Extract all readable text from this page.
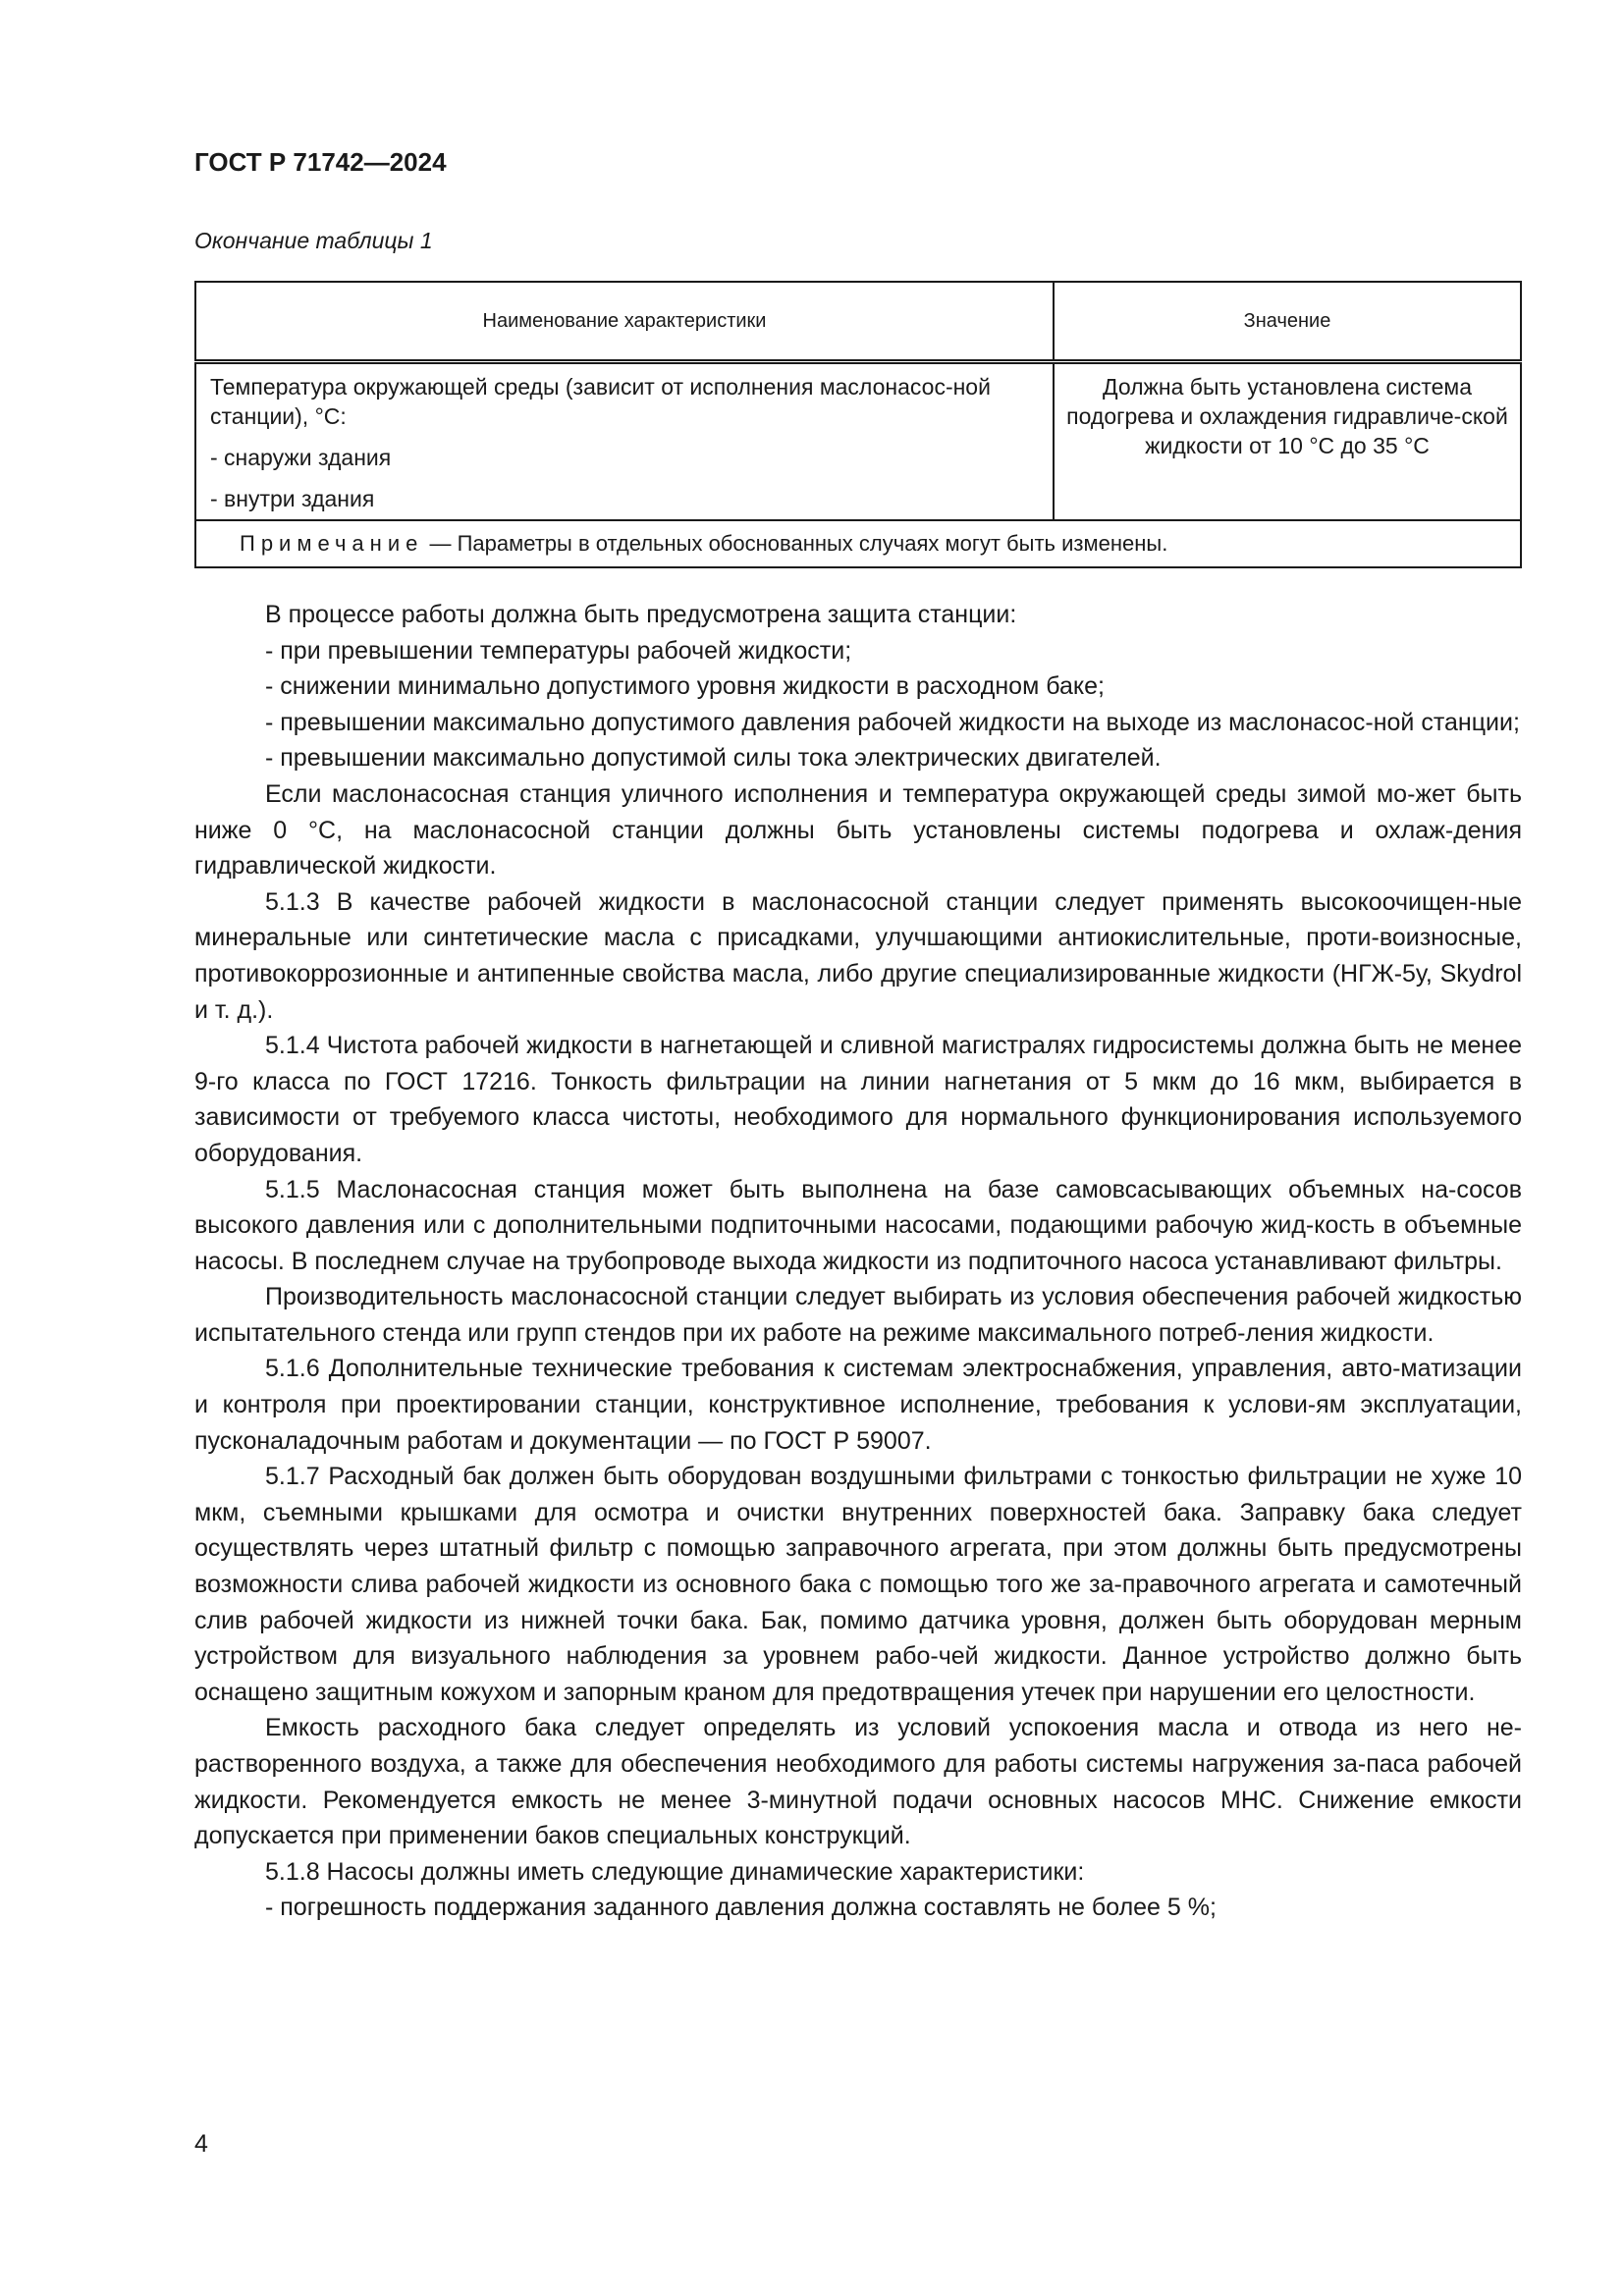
ГОСТ Р 71742—2024
Окончание таблицы 1
Наименование характеристики	Значение

Температура окружающей среды (зависит от исполнения маслонасос-ной станции), °С:
- снаружи здания
- внутри здания	Должна быть установлена система подогрева и охлаждения гидравличе-ской жидкости от 10 °С до 35 °С
Примечание — Параметры в отдельных обоснованных случаях могут быть изменены.	

В процессе работы должна быть предусмотрена защита станции:

- при превышении температуры рабочей жидкости;

- снижении минимально допустимого уровня жидкости в расходном баке;

- превышении максимально допустимого давления рабочей жидкости на выходе из маслонасос-ной станции;

- превышении максимально допустимой силы тока электрических двигателей.

Если маслонасосная станция уличного исполнения и температура окружающей среды зимой мо-жет быть ниже 0 °С, на маслонасосной станции должны быть установлены системы подогрева и охлаж-дения гидравлической жидкости.

5.1.3 В качестве рабочей жидкости в маслонасосной станции следует применять высокоочищен-ные минеральные или синтетические масла с присадками, улучшающими антиокислительные, проти-воизносные, противокоррозионные и антипенные свойства масла, либо другие специализированные жидкости (НГЖ-5у, Skydrol и т. д.).

5.1.4 Чистота рабочей жидкости в нагнетающей и сливной магистралях гидросистемы должна быть не менее 9-го класса по ГОСТ 17216. Тонкость фильтрации на линии нагнетания от 5 мкм до 16 мкм, выбирается в зависимости от требуемого класса чистоты, необходимого для нормального функционирования используемого оборудования.

5.1.5 Маслонасосная станция может быть выполнена на базе самовсасывающих объемных на-сосов высокого давления или с дополнительными подпиточными насосами, подающими рабочую жид-кость в объемные насосы. В последнем случае на трубопроводе выхода жидкости из подпиточного насоса устанавливают фильтры.

Производительность маслонасосной станции следует выбирать из условия обеспечения рабочей жидкостью испытательного стенда или групп стендов при их работе на режиме максимального потреб-ления жидкости.

5.1.6 Дополнительные технические требования к системам электроснабжения, управления, авто-матизации и контроля при проектировании станции, конструктивное исполнение, требования к услови-ям эксплуатации, пусконаладочным работам и документации — по ГОСТ Р 59007.

5.1.7 Расходный бак должен быть оборудован воздушными фильтрами с тонкостью фильтрации не хуже 10 мкм, съемными крышками для осмотра и очистки внутренних поверхностей бака. Заправку бака следует осуществлять через штатный фильтр с помощью заправочного агрегата, при этом должны быть предусмотрены возможности слива рабочей жидкости из основного бака с помощью того же за-правочного агрегата и самотечный слив рабочей жидкости из нижней точки бака. Бак, помимо датчика уровня, должен быть оборудован мерным устройством для визуального наблюдения за уровнем рабо-чей жидкости. Данное устройство должно быть оснащено защитным кожухом и запорным краном для предотвращения утечек при нарушении его целостности.

Емкость расходного бака следует определять из условий успокоения масла и отвода из него не-растворенного воздуха, а также для обеспечения необходимого для работы системы нагружения за-паса рабочей жидкости. Рекомендуется емкость не менее 3-минутной подачи основных насосов МНС. Снижение емкости допускается при применении баков специальных конструкций.

5.1.8 Насосы должны иметь следующие динамические характеристики:

- погрешность поддержания заданного давления должна составлять не более 5 %;

4
